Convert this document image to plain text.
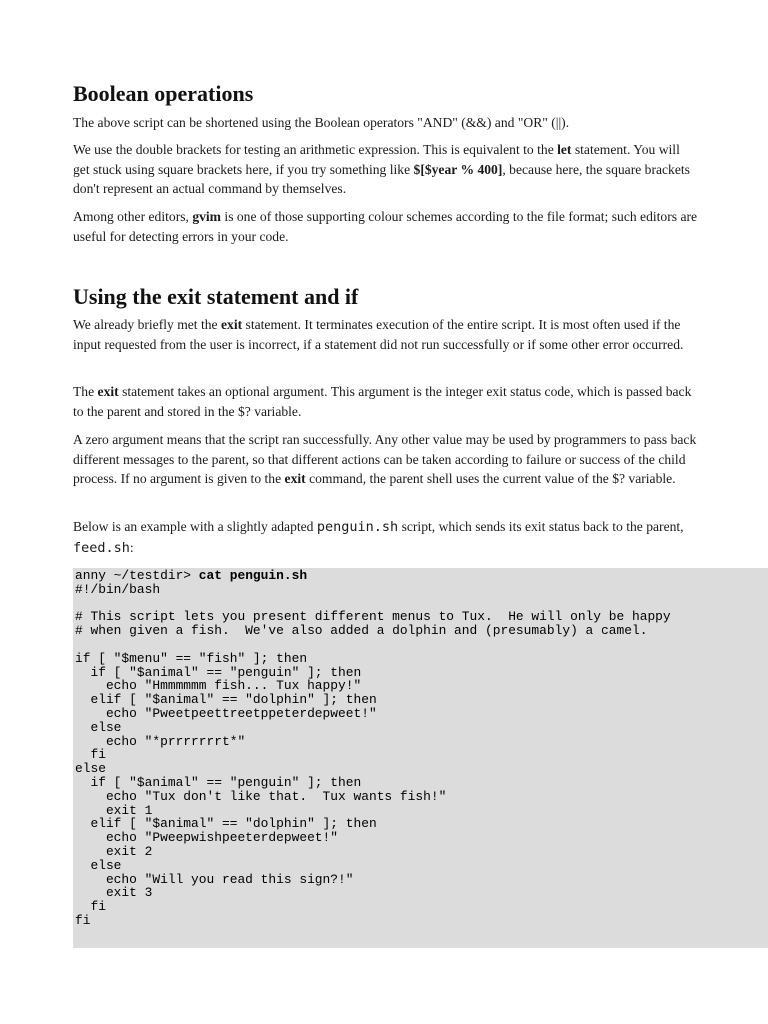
Boolean operations

The above script can be shortened using the Boolean operators "AND" (&&) and "OR" (||).

We use the double brackets for testing an arithmetic expression. This is equivalent to the let statement. You will get stuck using square brackets here, if you try something like $[$year % 400], because here, the square brackets don't represent an actual command by themselves.

Among other editors, gvim is one of those supporting colour schemes according to the file format; such editors are useful for detecting errors in your code.

Using the exit statement and if

We already briefly met the exit statement. It terminates execution of the entire script. It is most often used if the input requested from the user is incorrect, if a statement did not run successfully or if some other error occurred.

The exit statement takes an optional argument. This argument is the integer exit status code, which is passed back to the parent and stored in the $? variable.

A zero argument means that the script ran successfully. Any other value may be used by programmers to pass back different messages to the parent, so that different actions can be taken according to failure or success of the child process. If no argument is given to the exit command, the parent shell uses the current value of the $? variable.

Below is an example with a slightly adapted penguin.sh script, which sends its exit status back to the parent, feed.sh:

anny ~/testdir> cat penguin.sh
#!/bin/bash

# This script lets you present different menus to Tux.  He will only be happy
# when given a fish.  We've also added a dolphin and (presumably) a camel.

if [ "$menu" == "fish" ]; then
if [ "$animal" == "penguin" ]; then
echo "Hmmmmmm fish... Tux happy!"
elif [ "$animal" == "dolphin" ]; then
echo "Pweetpeettreetppeterdepweet!"
else
echo "*prrrrrrrt*"
fi
else
if [ "$animal" == "penguin" ]; then
echo "Tux don't like that.  Tux wants fish!"
exit 1
elif [ "$animal" == "dolphin" ]; then
echo "Pweepwishpeeterdepweet!"
exit 2
else
echo "Will you read this sign?!"
exit 3
fi
fi
